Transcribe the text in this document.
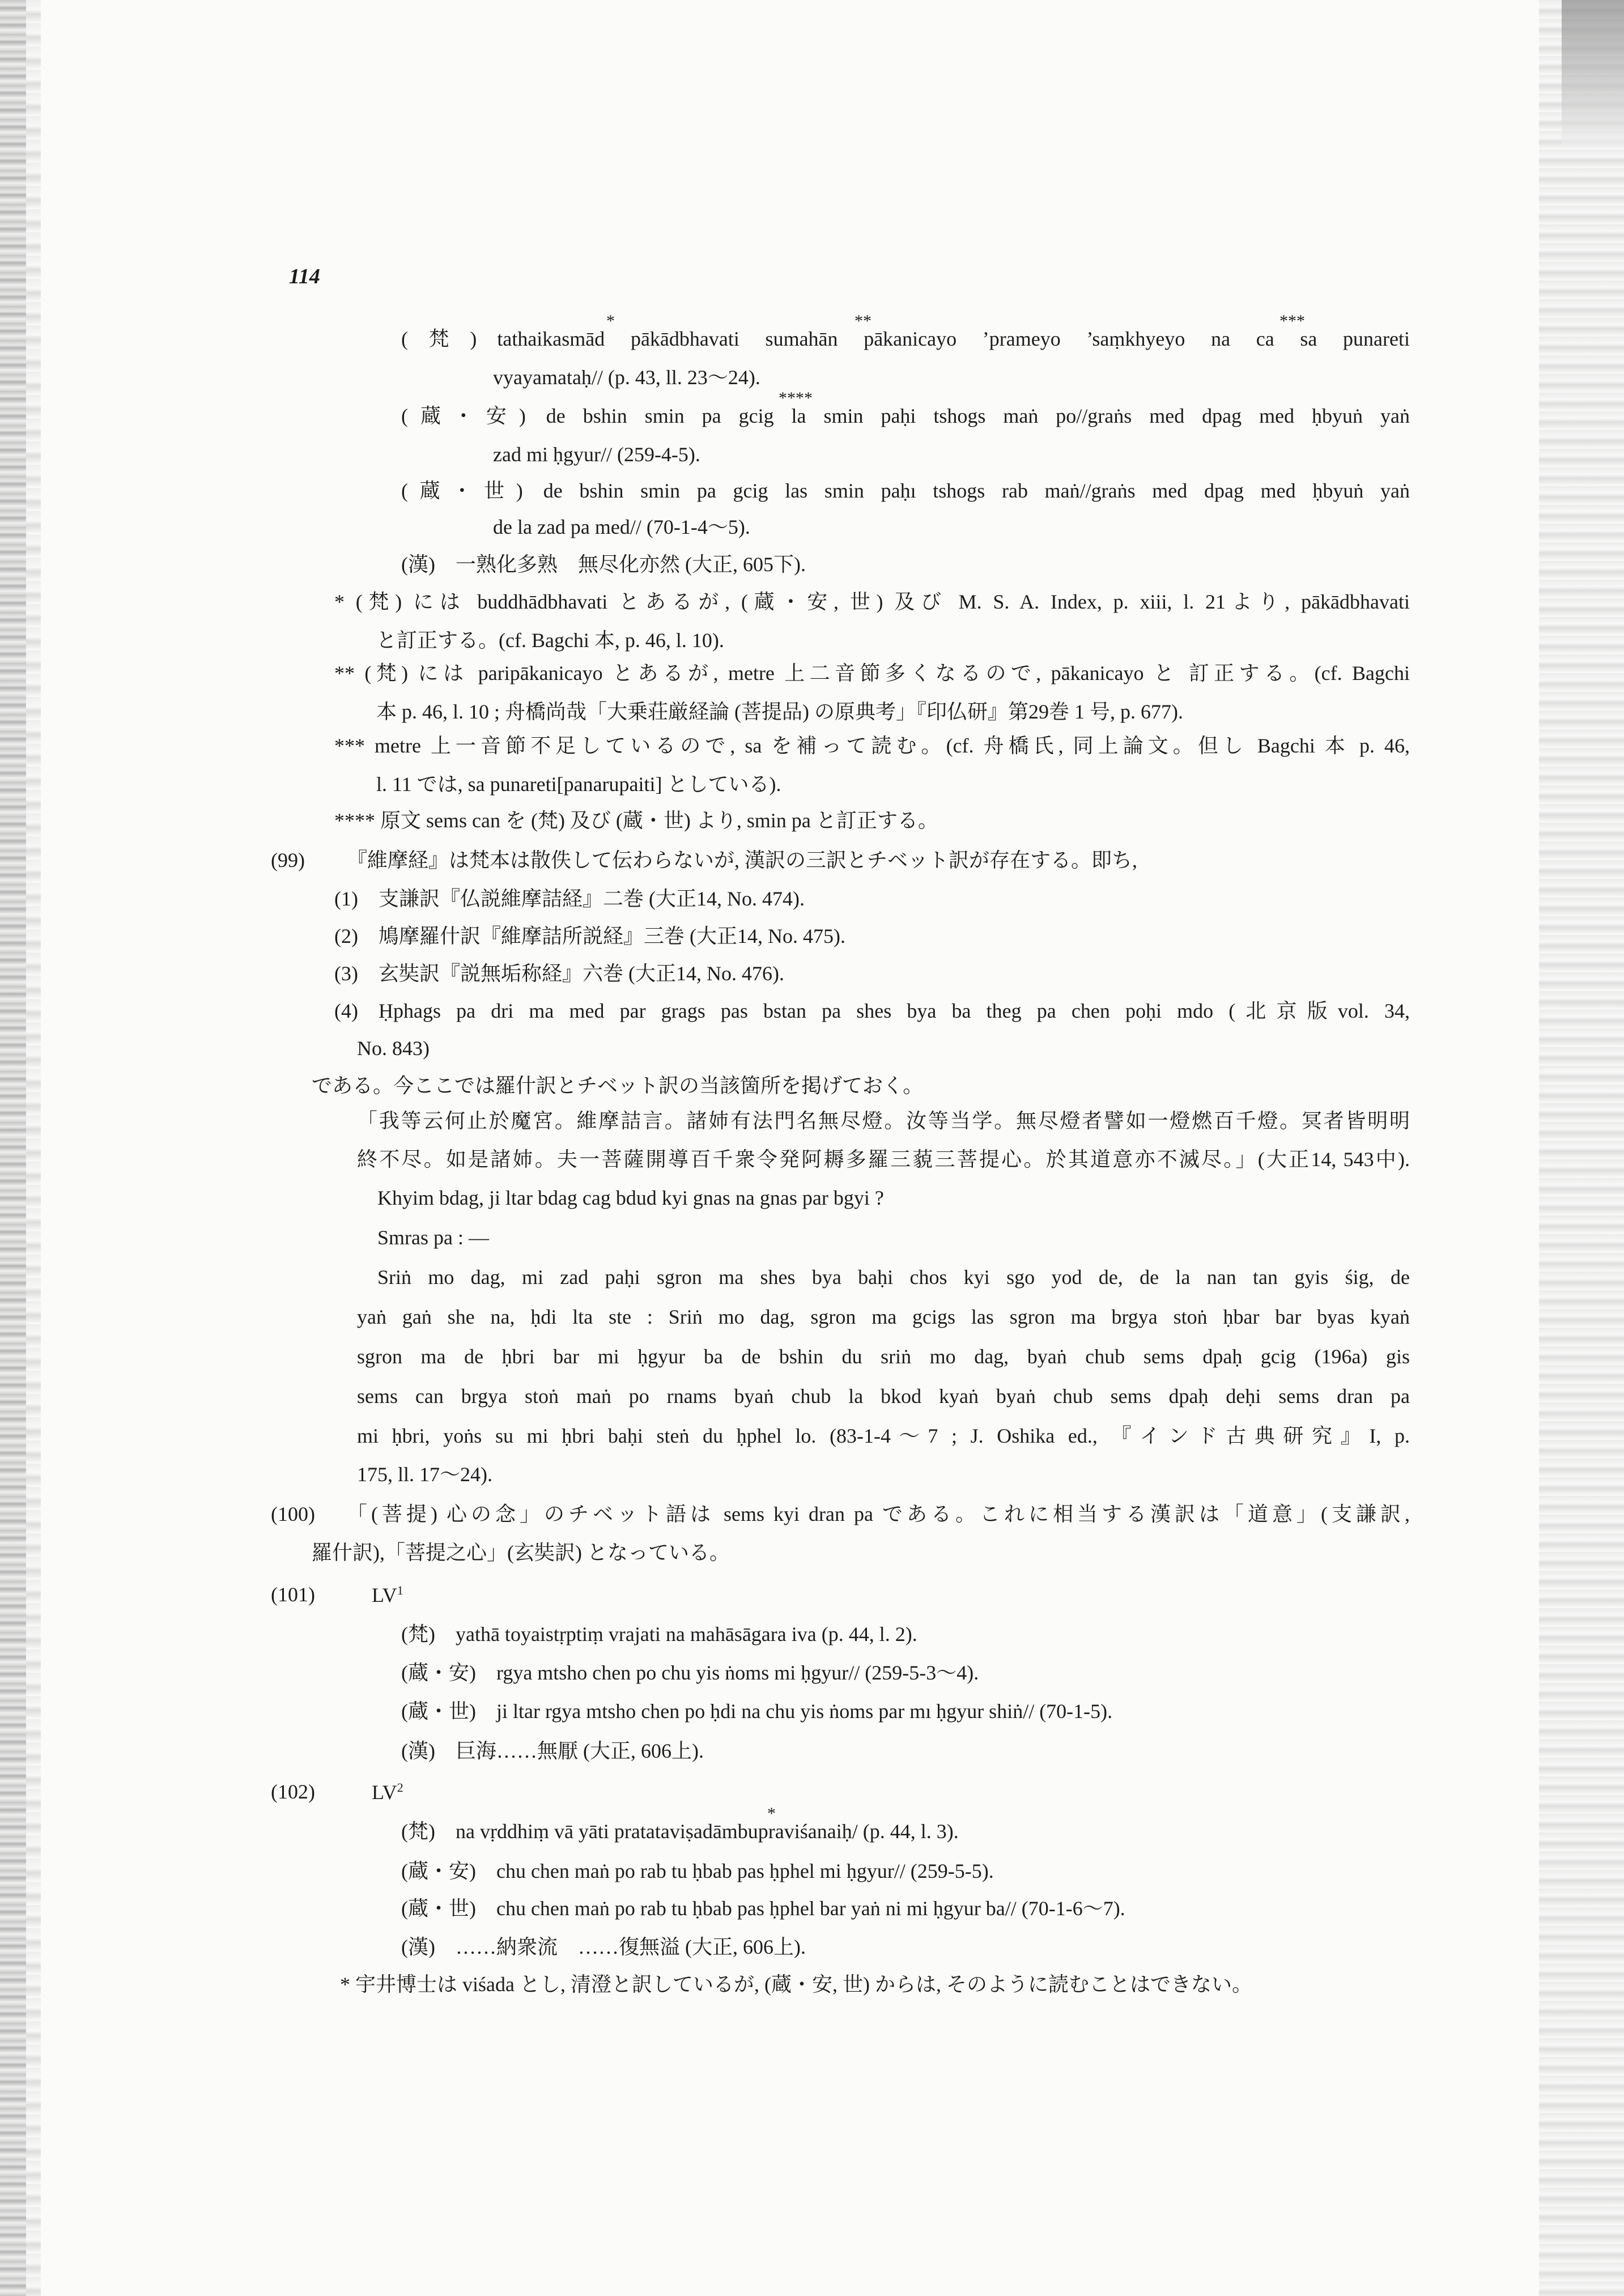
114
*	**	***
(梵) tathaikasmād pākādbhavati sumahān pākanicayo ’prameyo ’saṃkhyeyo na ca sa punareti
vyayamataḥ// (p. 43, ll. 23～24).
****
(蔵・安) de bshin smin pa gcig la smin paḥi tshogs maṅ po//graṅs med dpag med ḥbyuṅ yaṅ
zad mi ḥgyur// (259-4-5).
(蔵・世) de bshin smin pa gcig las smin paḥı tshogs rab maṅ//graṅs med dpag med ḥbyuṅ yaṅ
de la zad pa med// (70-1-4～5).
(漢) 一熟化多熟　無尽化亦然 (大正, 605下).
* (梵) には buddhādbhavati とあるが, (蔵・安, 世) 及び M. S. A. Index, p. xiii, l. 21より, pākādbhavati
と訂正する。(cf. Bagchi 本, p. 46, l. 10).
** (梵) には paripākanicayo とあるが, metre 上二音節多くなるので, pākanicayo と 訂正する。(cf. Bagchi
本 p. 46, l. 10 ; 舟橋尚哉「大乗荘厳経論 (菩提品) の原典考」『印仏研』第29巻 1 号, p. 677).
*** metre 上一音節不足しているので, sa を補って読む。(cf. 舟橋氏, 同上論文。但し Bagchi 本 p. 46,
l. 11 では, sa punareti[panarupaiti] としている).
**** 原文 sems can を (梵) 及び (蔵・世) より, smin pa と訂正する。
(99) 『維摩経』は梵本は散佚して伝わらないが, 漢訳の三訳とチベット訳が存在する。即ち,
(1) 支謙訳『仏説維摩詰経』二巻 (大正14, No. 474).
(2) 鳩摩羅什訳『維摩詰所説経』三巻 (大正14, No. 475).
(3) 玄奘訳『説無垢称経』六巻 (大正14, No. 476).
(4) Ḥphags pa dri ma med par grags pas bstan pa shes bya ba theg pa chen poḥi mdo (北京版vol. 34,
No. 843)
である。今ここでは羅什訳とチベット訳の当該箇所を掲げておく。
「我等云何止於魔宮。維摩詰言。諸姉有法門名無尽燈。汝等当学。無尽燈者譬如一燈燃百千燈。冥者皆明明
終不尽。如是諸姉。夫一菩薩開導百千衆令発阿耨多羅三藐三菩提心。於其道意亦不滅尽。」(大正14, 543中).
Khyim bdag, ji ltar bdag cag bdud kyi gnas na gnas par bgyi ?
Smras pa : —
Sriṅ mo dag, mi zad paḥi sgron ma shes bya baḥi chos kyi sgo yod de, de la nan tan gyis śig, de
yaṅ gaṅ she na, ḥdi lta ste : Sriṅ mo dag, sgron ma gcigs las sgron ma brgya stoṅ ḥbar bar byas kyaṅ
sgron ma de ḥbri bar mi ḥgyur ba de bshin du sriṅ mo dag, byaṅ chub sems dpaḥ gcig (196a) gis
sems can brgya stoṅ maṅ po rnams byaṅ chub la bkod kyaṅ byaṅ chub sems dpaḥ deḥi sems dran pa
mi ḥbri, yoṅs su mi ḥbri baḥi steṅ du ḥphel lo. (83-1-4～7 ; J. Oshika ed., 『インド古典研究』I, p.
175, ll. 17～24).
(100) 「(菩提) 心の念」のチベット語は sems kyi dran pa である。これに相当する漢訳は「道意」(支謙訳,
羅什訳),「菩提之心」(玄奘訳) となっている。
(101)	$LV^1$
(梵) yathā toyaistṛptiṃ vrajati na mahāsāgara iva (p. 44, l. 2).
(蔵・安) rgya mtsho chen po chu yis ṅoms mi ḥgyur// (259-5-3～4).
(蔵・世) ji ltar rgya mtsho chen po ḥdi na chu yis ṅoms par mı ḥgyur shiṅ// (70-1-5).
(漢) 巨海……無厭 (大正, 606上).
(102)	$LV^2$
*
(梵) na vṛddhiṃ vā yāti pratataviṣadāmbupraviśanaiḥ/ (p. 44, l. 3).
(蔵・安) chu chen maṅ po rab tu ḥbab pas ḥphel mi ḥgyur// (259-5-5).
(蔵・世) chu chen maṅ po rab tu ḥbab pas ḥphel bar yaṅ ni mi ḥgyur ba// (70-1-6～7).
(漢) ……納衆流　……復無溢 (大正, 606上).
* 宇井博士は viśada とし, 清澄と訳しているが, (蔵・安, 世) からは, そのように読むことはできない。
